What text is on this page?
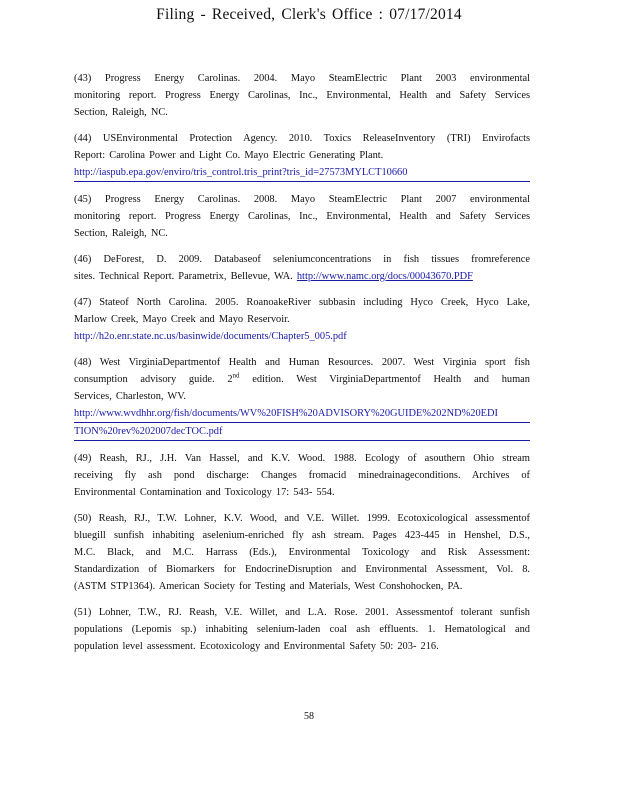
Filing - Received, Clerk's Office : 07/17/2014
(43) Progress Energy Carolinas. 2004. Mayo SteamElectric Plant 2003 environmental
monitoring report. Progress Energy Carolinas, Inc., Environmental, Health and Safety Services
Section, Raleigh, NC.
(44) USEnvironmental Protection Agency. 2010. Toxics ReleaseInventory (TRI) Envirofacts
Report: Carolina Power and Light Co. Mayo Electric Generating Plant.
http://iaspub.epa.gov/enviro/tris_control.tris_print?tris_id=27573MYLCT10660
(45) Progress Energy Carolinas. 2008. Mayo SteamElectric Plant 2007 environmental
monitoring report. Progress Energy Carolinas, Inc., Environmental, Health and Safety Services
Section, Raleigh, NC.
(46) DeForest, D. 2009. Databaseof seleniumconcentrations in fish tissues fromreference
sites. Technical Report. Parametrix, Bellevue, WA. http://www.namc.org/docs/00043670.PDF
(47) Stateof North Carolina. 2005. RoanoakeRiver subbasin including Hyco Creek, Hyco Lake,
Marlow Creek, Mayo Creek and Mayo Reservoir.
http://h2o.enr.state.nc.us/basinwide/documents/Chapter5_005.pdf
(48) West VirginiaDepartmentof Health and Human Resources. 2007. West Virginia sport fish
consumption advisory guide. 2nd edition. West VirginiaDepartmentof Health and human
Services, Charleston, WV.
http://www.wvdhhr.org/fish/documents/WV%20FISH%20ADVISORY%20GUIDE%202ND%20EDI
TION%20rev%202007decTOC.pdf
(49) Reash, RJ., J.H. Van Hassel, and K.V. Wood. 1988. Ecology of asouthern Ohio stream
receiving fly ash pond discharge: Changes fromacid minedrainageconditions. Archives of
Environmental Contamination and Toxicology 17: 543- 554.
(50) Reash, RJ., T.W. Lohner, K.V. Wood, and V.E. Willet. 1999. Ecotoxicological assessmentof
bluegill sunfish inhabiting aselenium-enriched fly ash stream. Pages 423-445 in Henshel, D.S.,
M.C. Black, and M.C. Harrass (Eds.), Environmental Toxicology and Risk Assessment:
Standardization of Biomarkers for EndocrineDisruption and Environmental Assessment, Vol. 8.
(ASTM STP1364). American Society for Testing and Materials, West Conshohocken, PA.
(51) Lohner, T.W., RJ. Reash, V.E. Willet, and L.A. Rose. 2001. Assessmentof tolerant sunfish
populations (Lepomis sp.) inhabiting selenium-laden coal ash effluents. 1. Hematological and
population level assessment. Ecotoxicology and Environmental Safety 50: 203- 216.
58
